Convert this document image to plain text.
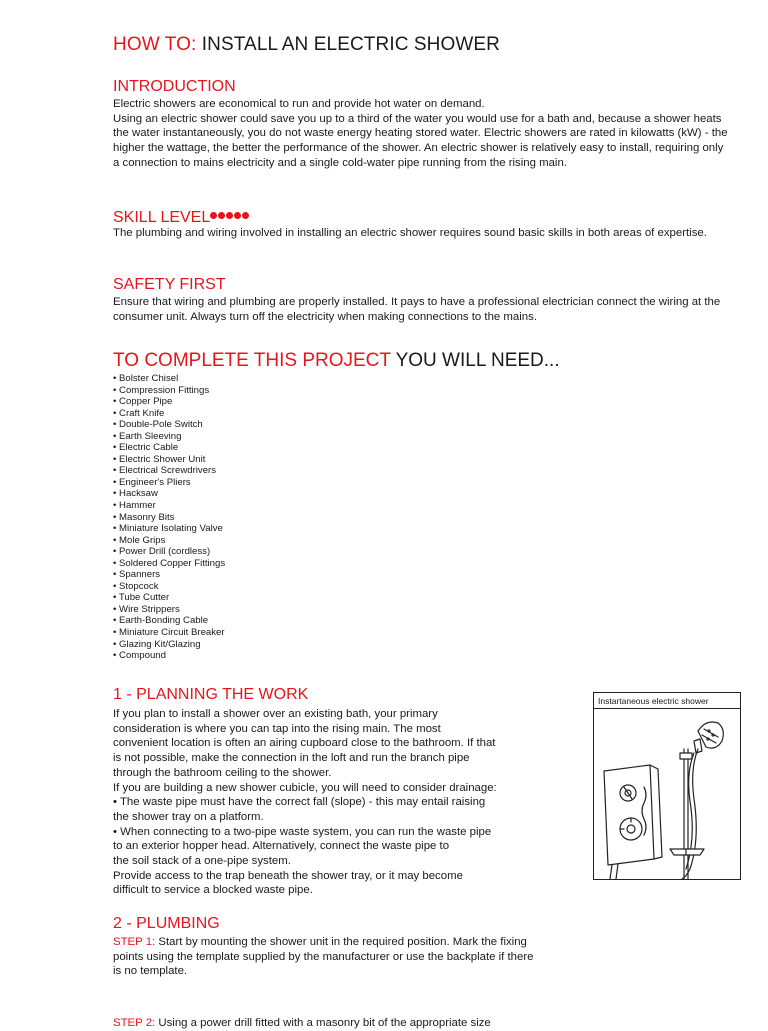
HOW TO: INSTALL AN ELECTRIC SHOWER
INTRODUCTION

Electric showers are economical to run and provide hot water on demand.

Using an electric shower could save you up to a third of the water you would use for a bath and, because a shower heats the water instantaneously, you do not waste energy heating stored water. Electric showers are rated in kilowatts (kW) - the higher the wattage, the better the performance of the shower. An electric shower is relatively easy to install, requiring only a connection to mains electricity and a single cold-water pipe running from the rising main.

SKILL LEVEL
The plumbing and wiring involved in installing an electric shower requires sound basic skills in both areas of expertise.
SAFETY FIRST
Ensure that wiring and plumbing are properly installed. It pays to have a professional electrician connect the wiring at the consumer unit. Always turn off the electricity when making connections to the mains.
TO COMPLETE THIS PROJECT YOU WILL NEED...
• Bolster Chisel
• Compression Fittings
• Copper Pipe
• Craft Knife
• Double-Pole Switch
• Earth Sleeving
• Electric Cable
• Electric Shower Unit
• Electrical Screwdrivers
• Engineer's Pliers
• Hacksaw
• Hammer
• Masonry Bits
• Miniature Isolating Valve
• Mole Grips
• Power Drill (cordless)
• Soldered Copper Fittings
• Spanners
• Stopcock
• Tube Cutter
• Wire Strippers
• Earth-Bonding Cable
• Miniature Circuit Breaker
• Glazing Kit/Glazing
• Compound
1 - PLANNING THE WORK

If you plan to install a shower over an existing bath, your primary

consideration is where you can tap into the rising main. The most

convenient location is often an airing cupboard close to the bathroom. If that

is not possible, make the connection in the loft and run the branch pipe

through the bathroom ceiling to the shower.

If you are building a new shower cubicle, you will need to consider drainage:

• The waste pipe must have the correct fall (slope) - this may entail raising

the shower tray on a platform.

• When connecting to a two-pipe waste system, you can run the waste pipe

to an exterior hopper head. Alternatively, connect the waste pipe to

the soil stack of a one-pipe system.

Provide access to the trap beneath the shower tray, or it may become

difficult to service a blocked waste pipe.

2 - PLUMBING
STEP 1: Start by mounting the shower unit in the required position. Mark the fixing points using the template supplied by the manufacturer or use the backplate if there is no template.
STEP 2: Using a power drill fitted with a masonry bit of the appropriate size
Instartaneous electric shower
